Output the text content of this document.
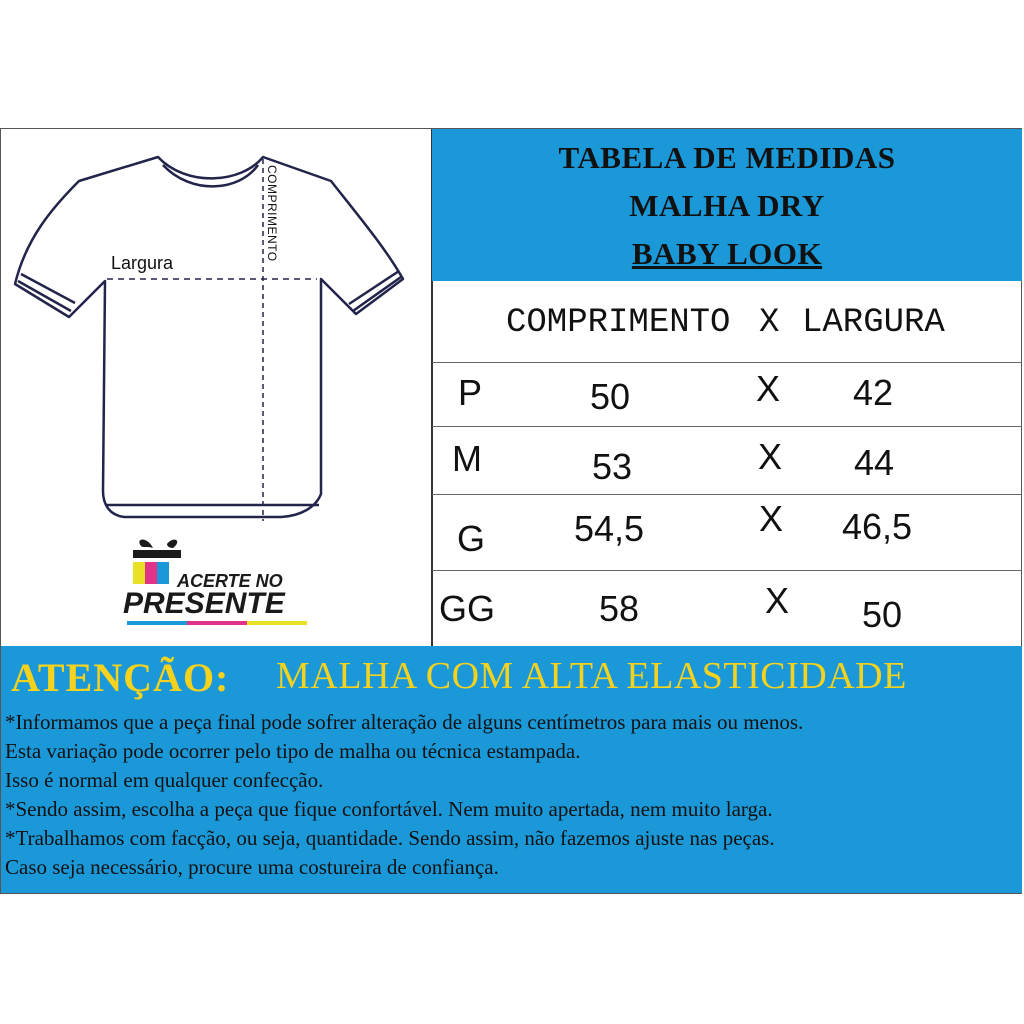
Largura
COMPRIMENTO
ACERTE NO
PRESENTE
TABELA DE MEDIDAS
MALHA DRY
BABY LOOK
COMPRIMENTO X LARGURA
P	50	X 42
M	53	X 44
G 54,5	X 46,5
GG	58	X 50
ATENÇÃO: MALHA COM ALTA ELASTICIDADE
*Informamos que a peça final pode sofrer alteração de alguns centímetros para mais ou menos.
Esta variação pode ocorrer pelo tipo de malha ou técnica estampada.
Isso é normal em qualquer confecção.
*Sendo assim, escolha a peça que fique confortável. Nem muito apertada, nem muito larga.
*Trabalhamos com facção, ou seja, quantidade. Sendo assim, não fazemos ajuste nas peças.
Caso seja necessário, procure uma costureira de confiança.
